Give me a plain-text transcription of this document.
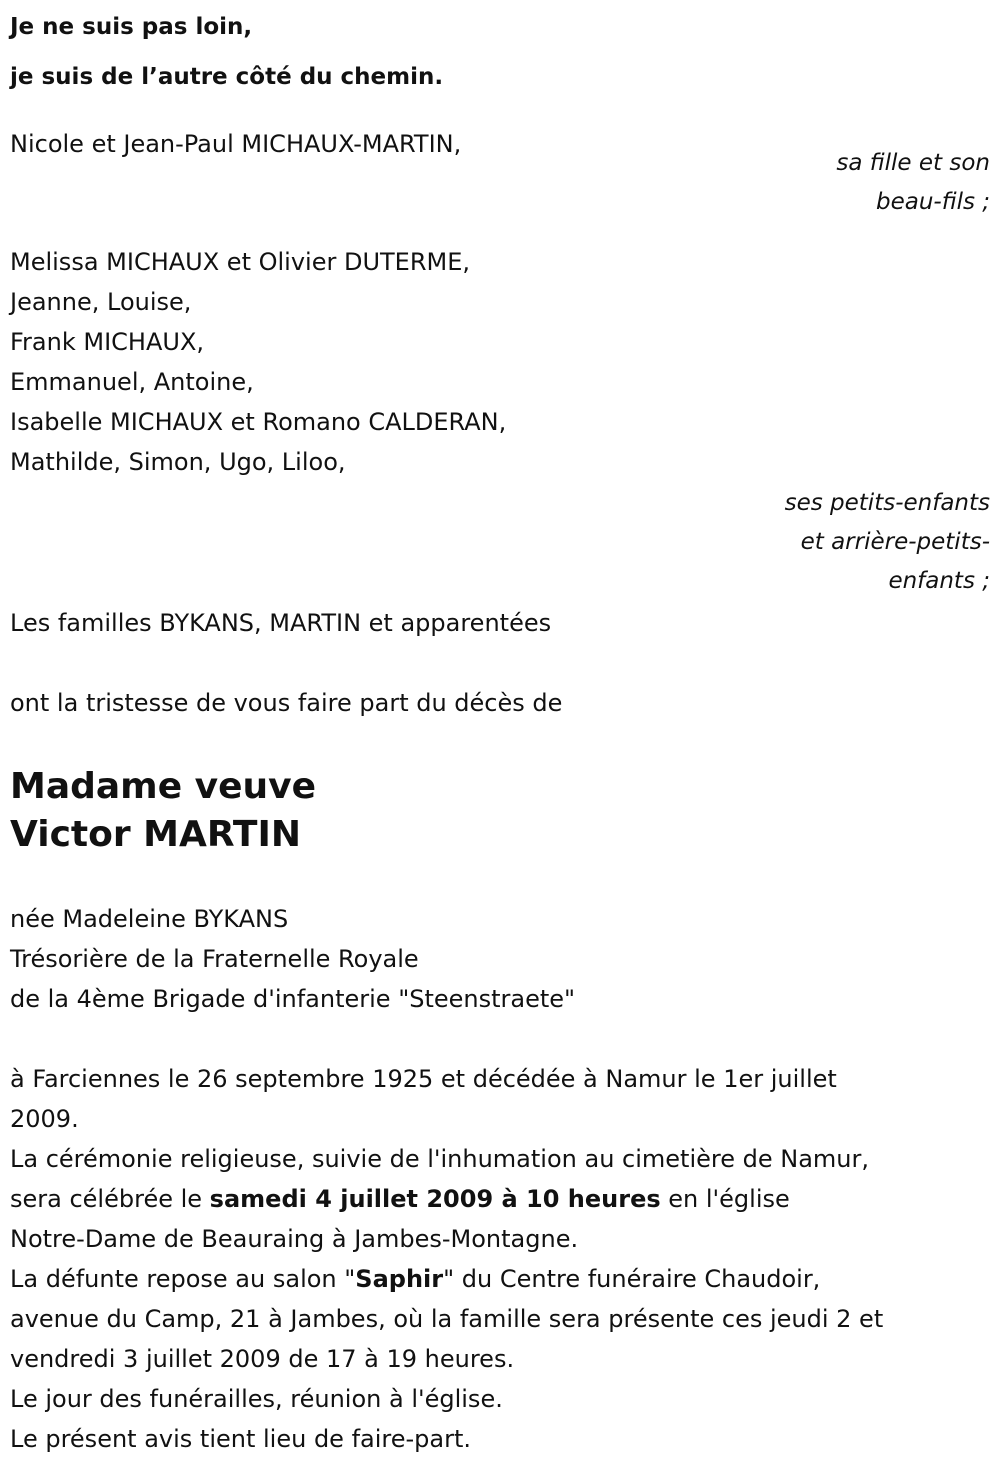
Je ne suis pas loin,
je suis de l’autre côté du chemin.
Nicole et Jean-Paul MICHAUX-MARTIN,
sa fille et son
beau-fils ;
Melissa MICHAUX et Olivier DUTERME,
Jeanne, Louise,
Frank MICHAUX,
Emmanuel, Antoine,
Isabelle MICHAUX et Romano CALDERAN,
Mathilde, Simon, Ugo, Liloo,
ses petits-enfants
et arrière-petits-
enfants ;
Les familles BYKANS, MARTIN et apparentées
ont la tristesse de vous faire part du décès de
Madame veuve
Victor MARTIN
née Madeleine BYKANS
Trésorière de la Fraternelle Royale
de la 4ème Brigade d'infanterie "Steenstraete"
à Farciennes le 26 septembre 1925 et décédée à Namur le 1er juillet
2009.
La cérémonie religieuse, suivie de l'inhumation au cimetière de Namur,
sera célébrée le samedi 4 juillet 2009 à 10 heures en l'église
Notre-Dame de Beauraing à Jambes-Montagne.
La défunte repose au salon "Saphir" du Centre funéraire Chaudoir,
avenue du Camp, 21 à Jambes, où la famille sera présente ces jeudi 2 et
vendredi 3 juillet 2009 de 17 à 19 heures.
Le jour des funérailles, réunion à l'église.
Le présent avis tient lieu de faire-part.
